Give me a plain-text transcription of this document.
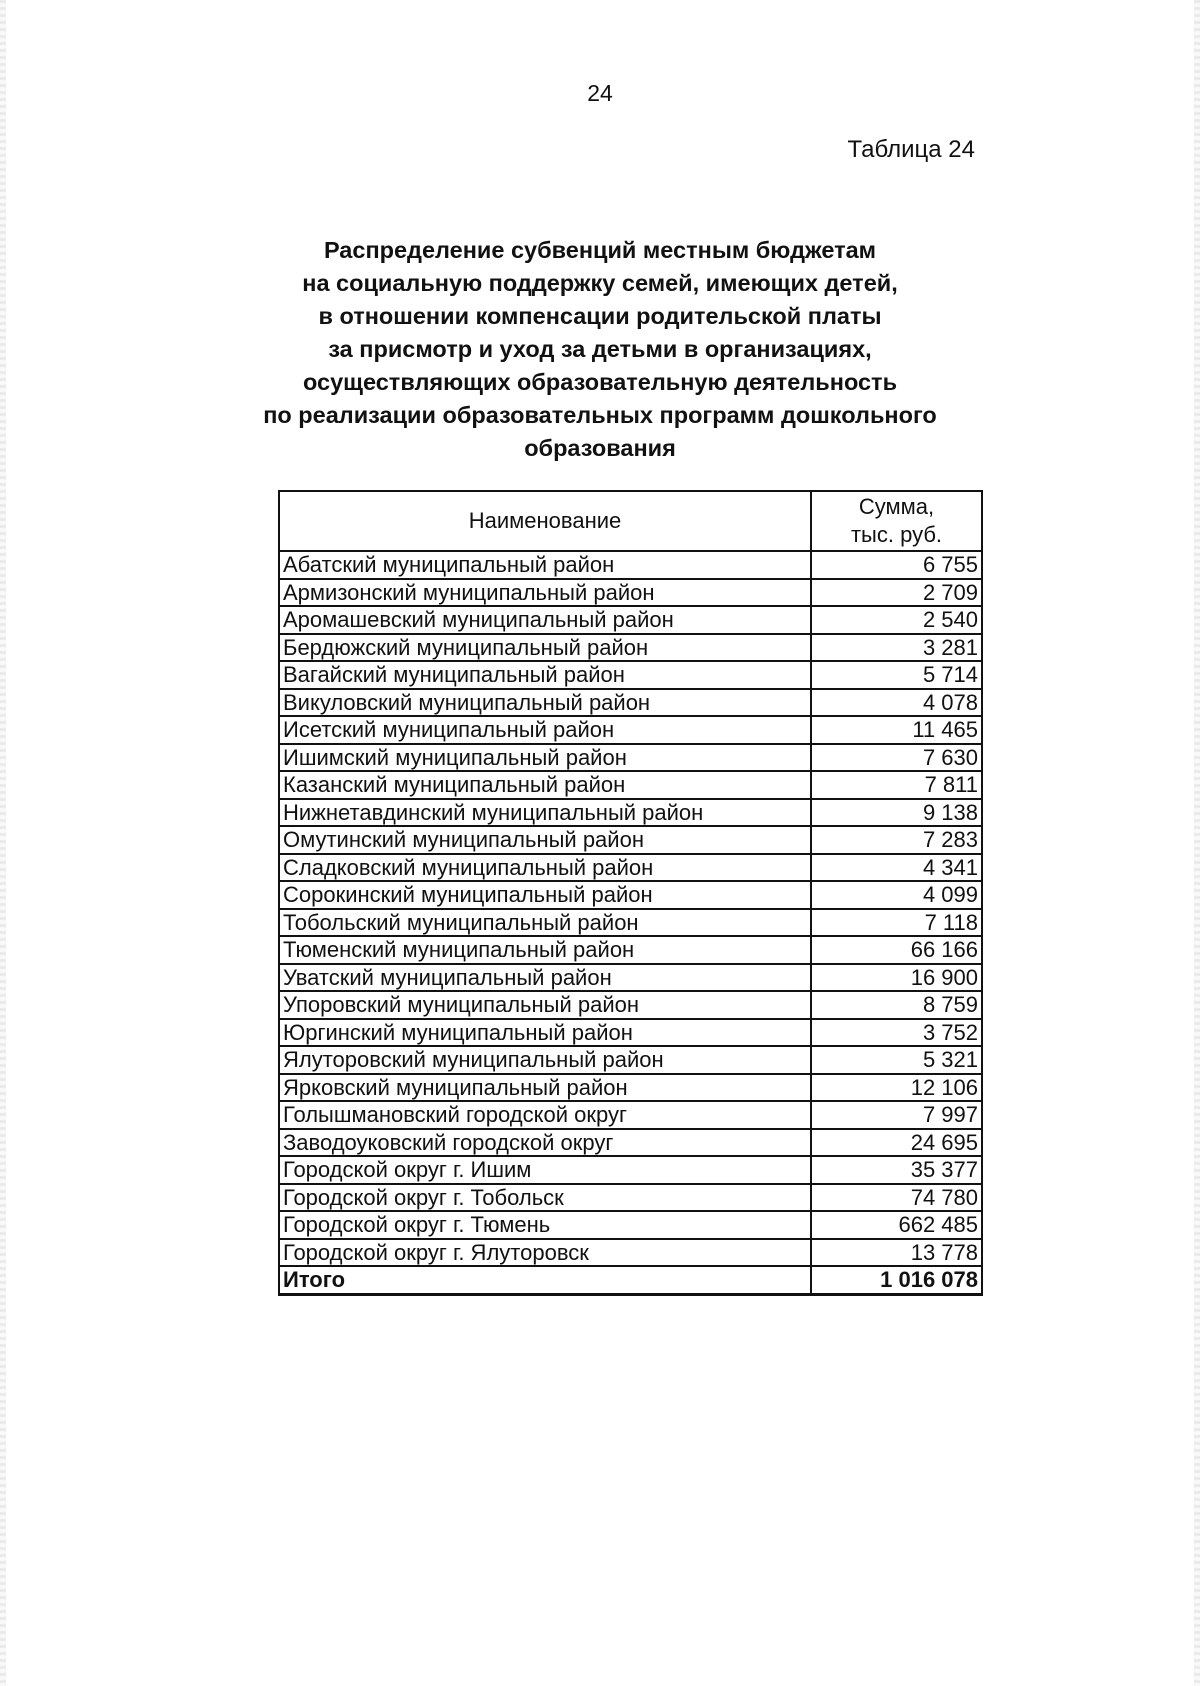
24
Таблица 24
Распределение субвенций местным бюджетам
на социальную поддержку семей, имеющих детей,
в отношении компенсации родительской платы
за присмотр и уход за детьми в организациях,
осуществляющих образовательную деятельность
по реализации образовательных программ дошкольного
образования
Наименование	Сумма,
тыс. руб.
Абатский муниципальный район	6 755
Армизонский муниципальный район	2 709
Аромашевский муниципальный район	2 540
Бердюжский муниципальный район	3 281
Вагайский муниципальный район	5 714
Викуловский муниципальный район	4 078
Исетский муниципальный район	11 465
Ишимский муниципальный район	7 630
Казанский муниципальный район	7 811
Нижнетавдинский муниципальный район	9 138
Омутинский муниципальный район	7 283
Сладковский муниципальный район	4 341
Сорокинский муниципальный район	4 099
Тобольский муниципальный район	7 118
Тюменский муниципальный район	66 166
Уватский муниципальный район	16 900
Упоровский муниципальный район	8 759
Юргинский муниципальный район	3 752
Ялуторовский муниципальный район	5 321
Ярковский муниципальный район	12 106
Голышмановский городской округ	7 997
Заводоуковский городской округ	24 695
Городской округ г. Ишим	35 377
Городской округ г. Тобольск	74 780
Городской округ г. Тюмень	662 485
Городской округ г. Ялуторовск	13 778
Итого	1 016 078
